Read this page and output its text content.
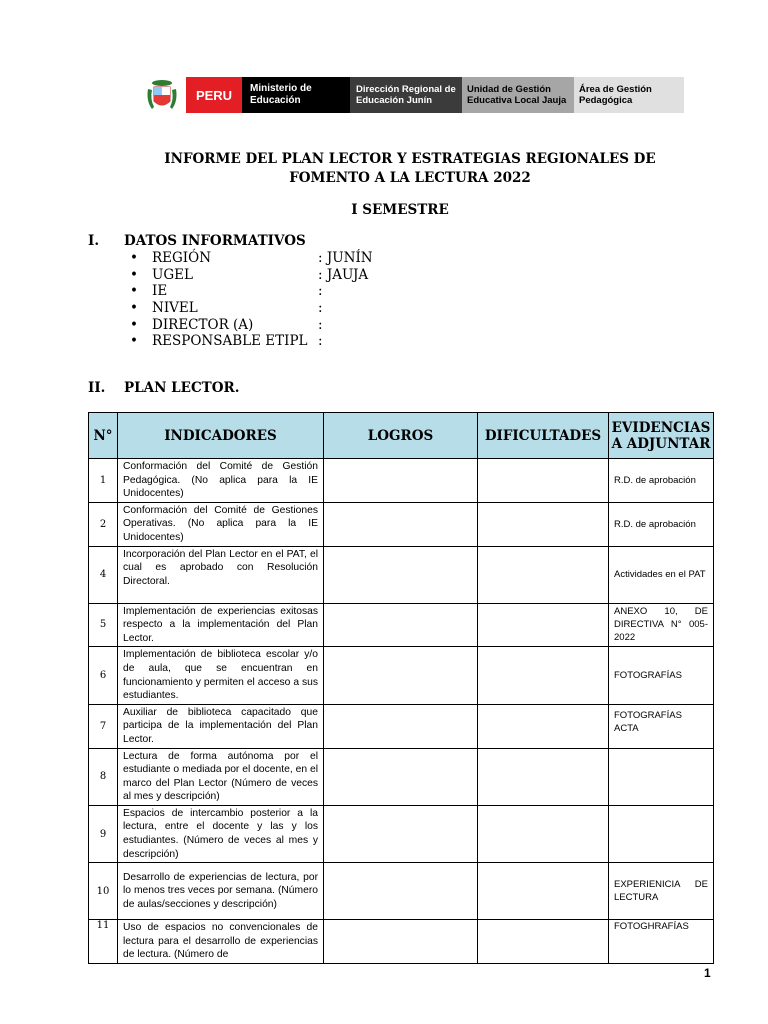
PERU	Ministerio de Educación
Dirección Regional de Educación Junín
Unidad de Gestión Educativa Local Jauja
Área de Gestión Pedagógica
INFORME DEL PLAN LECTOR Y ESTRATEGIAS REGIONALES DE
FOMENTO A LA LECTURA 2022
I SEMESTRE
I. DATOS INFORMATIVOS
• REGIÓN	: JUNÍN
• UGEL	: JAUJA
• IE	:
• NIVEL	:
• DIRECTOR (A)	:
• RESPONSABLE ETIPL :
II. PLAN LECTOR.
N°	INDICADORES	LOGROS	DIFICULTADES	EVIDENCIAS A ADJUNTAR
1	Conformación del Comité de Gestión Pedagógica. (No aplica para la IE Unidocentes)			R.D. de aprobación
2	Conformación del Comité de Gestiones Operativas. (No aplica para la IE Unidocentes)			R.D. de aprobación
4	Incorporación del Plan Lector en el PAT, el cual es aprobado con Resolución Directoral.			Actividades en el PAT
5	Implementación de experiencias exitosas respecto a la implementación del Plan Lector.			ANEXO 10, DE DIRECTIVA N° 005-2022
6	Implementación de biblioteca escolar y/o de aula, que se encuentran en funcionamiento y permiten el acceso a sus estudiantes.			FOTOGRAFÍAS
7	Auxiliar de biblioteca capacitado que participa de la implementación del Plan Lector.			FOTOGRAFÍAS ACTA
8	Lectura de forma autónoma por el estudiante o mediada por el docente, en el marco del Plan Lector (Número de veces al mes y descripción)			
9	Espacios de intercambio posterior a la lectura, entre el docente y las y los estudiantes. (Número de veces al mes y descripción)			
10	Desarrollo de experiencias de lectura, por lo menos tres veces por semana. (Número de aulas/secciones y descripción)			EXPERIENICIA DE LECTURA
11	Uso de espacios no convencionales de lectura para el desarrollo de experiencias de lectura. (Número de			FOTOGHRAFÍAS
1
